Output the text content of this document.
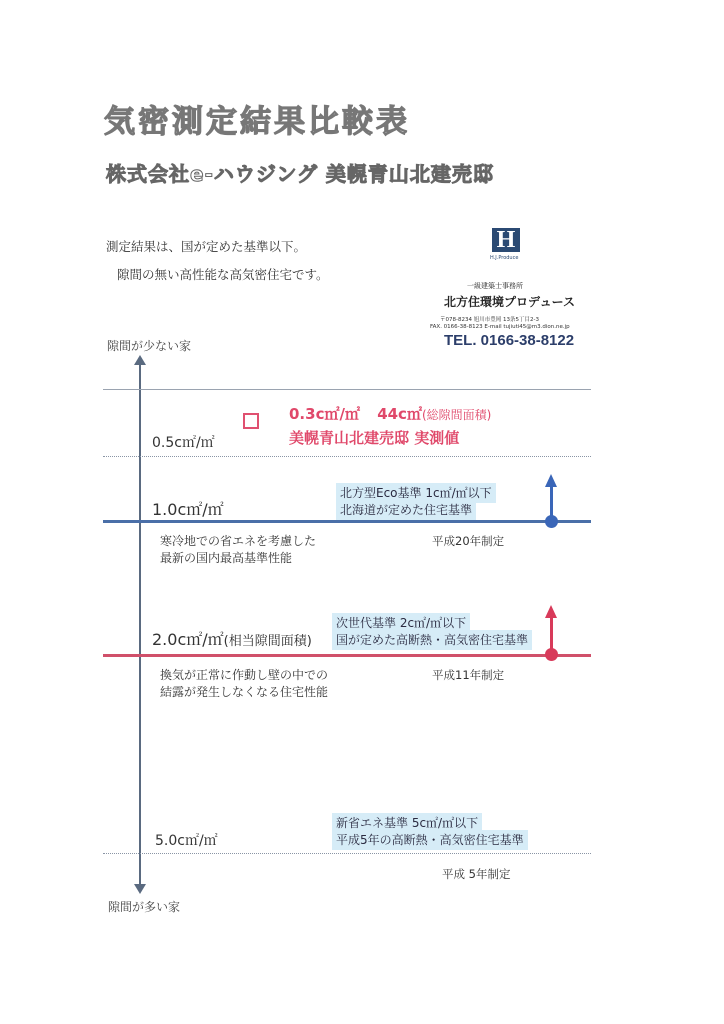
気密測定結果比較表
株式会社e-ハウジング 美幌青山北建売邸
測定結果は、国が定めた基準以下。
隙間の無い高性能な高気密住宅です。
H
H.J.Produce
一級建築士事務所
北方住環境プロデュース
〒078-8234 旭川市豊岡 13条5丁目2-3
FAX. 0166-38-8123 E-mail tujiuti45@m3.dion.ne.jp
TEL. 0166-38-8122
隙間が少ない家
隙間が多い家
0.3c㎡/㎡ 44c㎡(総隙間面積)
美幌青山北建売邸 実測値
0.5c㎡/㎡
北方型Eco基準 1c㎡/㎡以下
北海道が定めた住宅基準
1.0c㎡/㎡
寒冷地での省エネを考慮した
最新の国内最高基準性能
平成20年制定
次世代基準 2c㎡/㎡以下
国が定めた高断熱・高気密住宅基準
2.0c㎡/㎡(相当隙間面積)
換気が正常に作動し壁の中での
結露が発生しなくなる住宅性能
平成11年制定
新省エネ基準 5c㎡/㎡以下
平成5年の高断熱・高気密住宅基準
5.0c㎡/㎡
平成 5年制定
